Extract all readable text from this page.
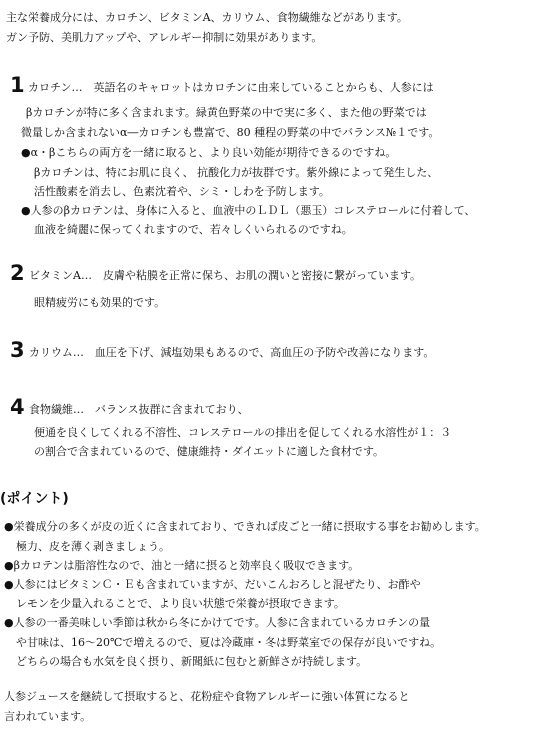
主な栄養成分には、カロチン、ビタミンA、カリウム、食物繊維などがあります。
ガン予防、美肌力アップや、アレルギー抑制に効果があります。
1 カロチン…　英語名のキャロットはカロチンに由来していることからも、人参には
βカロチンが特に多く含まれます。緑黄色野菜の中で実に多く、また他の野菜では
微量しか含まれないα―カロチンも豊富で、80 種程の野菜の中でバランス№１です。
●α・βこちらの両方を一緒に取ると、より良い効能が期待できるのですね。
βカロチンは、特にお肌に良く、 抗酸化力が抜群です。紫外線によって発生した、
活性酸素を消去し、色素沈着や、シミ・しわを予防します。
●人参のβカロテンは、身体に入ると、血液中のＬＤＬ（悪玉）コレステロールに付着して、
血液を綺麗に保ってくれますので、若々しくいられるのですね。
2 ビタミンA…　皮膚や粘膜を正常に保ち、お肌の潤いと密接に繋がっています。
眼精疲労にも効果的です。
3 カリウム…　血圧を下げ、減塩効果もあるので、高血圧の予防や改善になります。
4 食物繊維…　バランス抜群に含まれており、
便通を良くしてくれる不溶性、コレステロールの排出を促してくれる水溶性が１：３
の割合で含まれているので、健康維持・ダイエットに適した食材です。
(ポイント)
●栄養成分の多くが皮の近くに含まれており、できれば皮ごと一緒に摂取する事をお勧めします。
極力、皮を薄く剥きましょう。
●βカロテンは脂溶性なので、油と一緒に摂ると効率良く吸収できます。
●人参にはビタミンＣ・Ｅも含まれていますが、だいこんおろしと混ぜたり、お酢や
レモンを少量入れることで、より良い状態で栄養が摂取できます。
●人参の一番美味しい季節は秋から冬にかけてです。人参に含まれているカロチンの量
や甘味は、16～20℃で増えるので、夏は冷蔵庫・冬は野菜室での保存が良いですね。
どちらの場合も水気を良く摂り、新聞紙に包むと新鮮さが持続します。
人参ジュースを継続して摂取すると、花粉症や食物アレルギーに強い体質になると
言われています。
